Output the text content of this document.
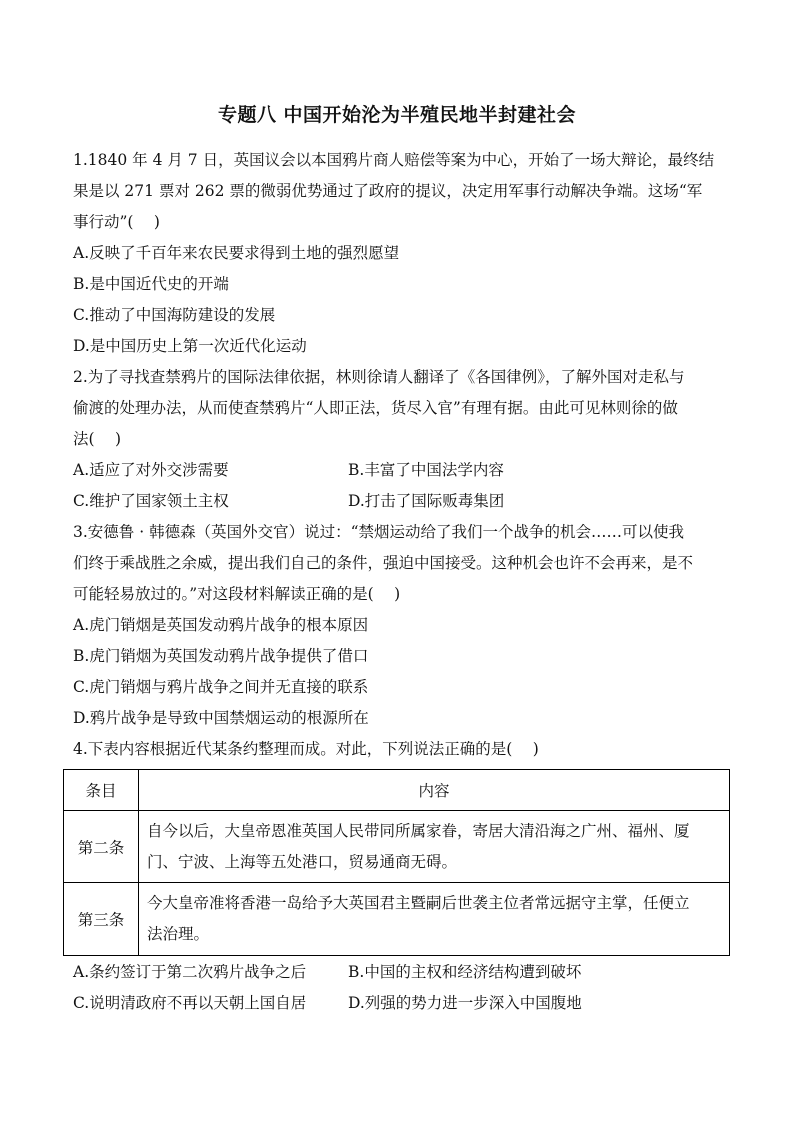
专题八 中国开始沦为半殖民地半封建社会
1.1840 年 4 月 7 日，英国议会以本国鸦片商人赔偿等案为中心，开始了一场大辩论，最终结
果是以 271 票对 262 票的微弱优势通过了政府的提议，决定用军事行动解决争端。这场“军
事行动”(　 )
A.反映了千百年来农民要求得到土地的强烈愿望
B.是中国近代史的开端
C.推动了中国海防建设的发展
D.是中国历史上第一次近代化运动
2.为了寻找查禁鸦片的国际法律依据，林则徐请人翻译了《各国律例》，了解外国对走私与
偷渡的处理办法，从而使查禁鸦片“人即正法，货尽入官”有理有据。由此可见林则徐的做
法(　 )
A.适应了对外交涉需要	B.丰富了中国法学内容
C.维护了国家领土主权	D.打击了国际贩毒集团
3.安德鲁 · 韩德森（英国外交官）说过：“禁烟运动给了我们一个战争的机会……可以使我
们终于乘战胜之余威，提出我们自己的条件，强迫中国接受。这种机会也许不会再来，是不
可能轻易放过的。”对这段材料解读正确的是(　 )
A.虎门销烟是英国发动鸦片战争的根本原因
B.虎门销烟为英国发动鸦片战争提供了借口
C.虎门销烟与鸦片战争之间并无直接的联系
D.鸦片战争是导致中国禁烟运动的根源所在
4.下表内容根据近代某条约整理而成。对此，下列说法正确的是(　 )
条目	内容
第二条	自今以后，大皇帝恩准英国人民带同所属家眷，寄居大清沿海之广州、福州、厦
门、宁波、上海等五处港口，贸易通商无碍。

第三条	今大皇帝准将香港一岛给予大英国君主暨嗣后世袭主位者常远据守主掌，任便立
法治理。
A.条约签订于第二次鸦片战争之后	B.中国的主权和经济结构遭到破坏
C.说明清政府不再以天朝上国自居	D.列强的势力进一步深入中国腹地
